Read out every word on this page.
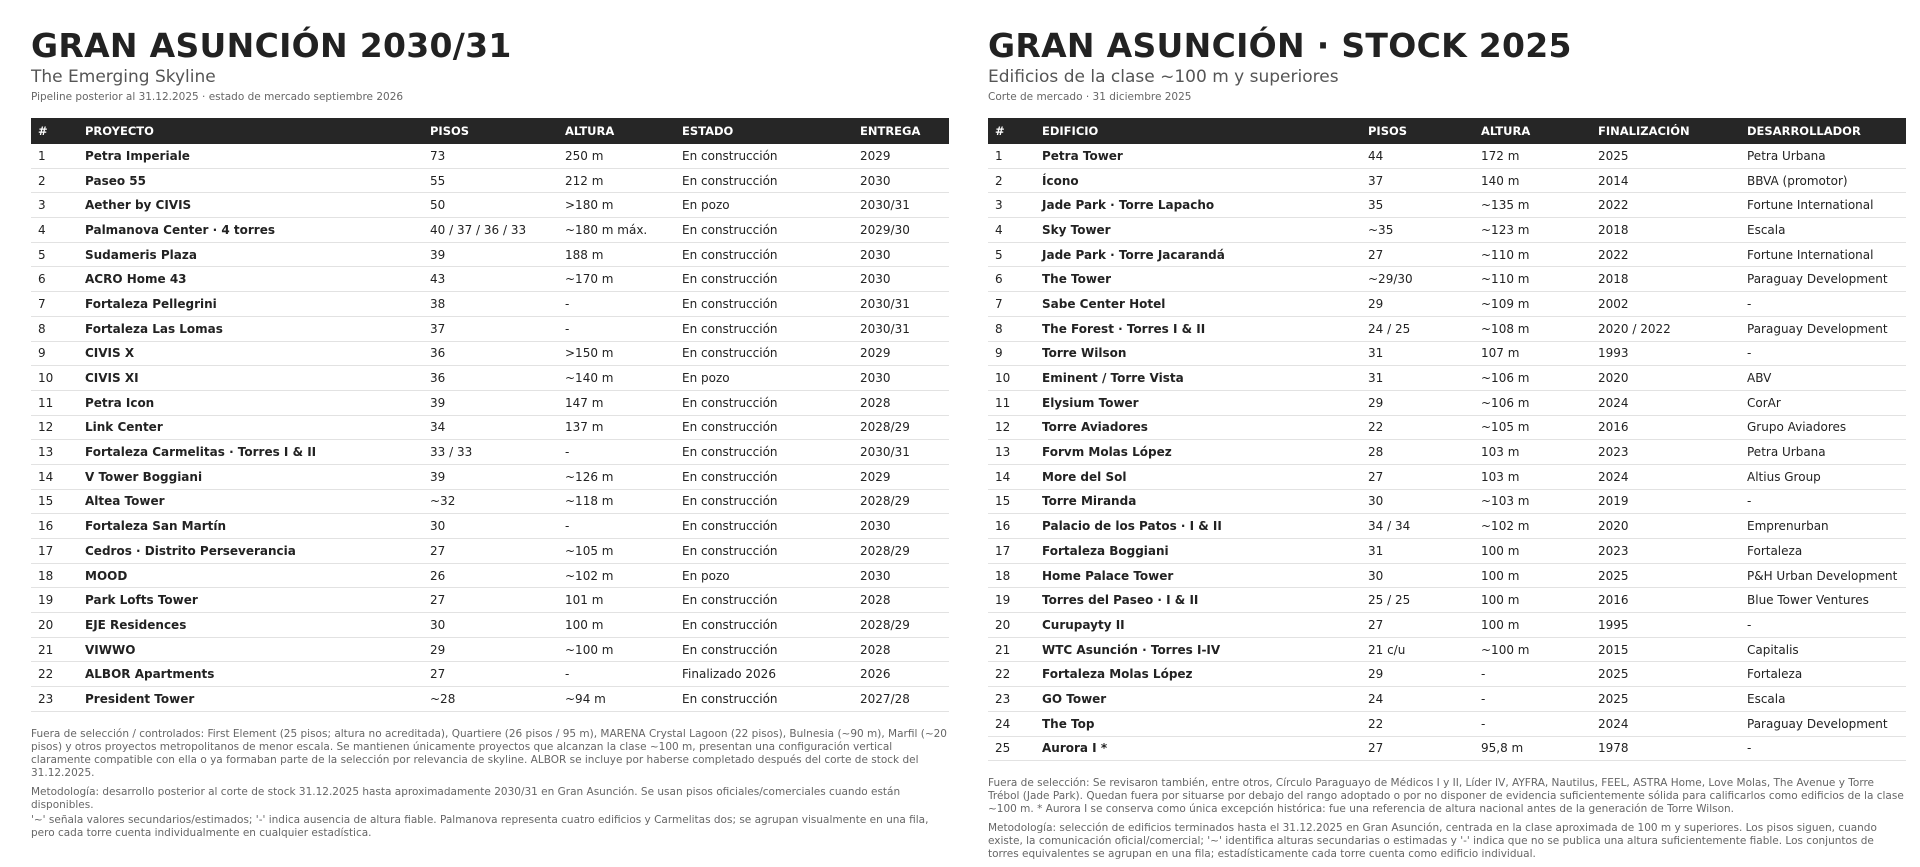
GRAN ASUNCIÓN 2030/31
The Emerging Skyline
Pipeline posterior al 31.12.2025 · estado de mercado septiembre 2026
#	PROYECTO	PISOS	ALTURA	ESTADO	ENTREGA
1	Petra Imperiale	73	250 m	En construcción	2029
2	Paseo 55	55	212 m	En construcción	2030
3	Aether by CIVIS	50	>180 m	En pozo	2030/31
4	Palmanova Center · 4 torres	40 / 37 / 36 / 33	~180 m máx.	En construcción	2029/30
5	Sudameris Plaza	39	188 m	En construcción	2030
6	ACRO Home 43	43	~170 m	En construcción	2030
7	Fortaleza Pellegrini	38	-	En construcción	2030/31
8	Fortaleza Las Lomas	37	-	En construcción	2030/31
9	CIVIS X	36	>150 m	En construcción	2029
10	CIVIS XI	36	~140 m	En pozo	2030
11	Petra Icon	39	147 m	En construcción	2028
12	Link Center	34	137 m	En construcción	2028/29
13	Fortaleza Carmelitas · Torres I & II	33 / 33	-	En construcción	2030/31
14	V Tower Boggiani	39	~126 m	En construcción	2029
15	Altea Tower	~32	~118 m	En construcción	2028/29
16	Fortaleza San Martín	30	-	En construcción	2030
17	Cedros · Distrito Perseverancia	27	~105 m	En construcción	2028/29
18	MOOD	26	~102 m	En pozo	2030
19	Park Lofts Tower	27	101 m	En construcción	2028
20	EJE Residences	30	100 m	En construcción	2028/29
21	VIWWO	29	~100 m	En construcción	2028
22	ALBOR Apartments	27	-	Finalizado 2026	2026
23	President Tower	~28	~94 m	En construcción	2027/28

Fuera de selección / controlados: First Element (25 pisos; altura no acreditada), Quartiere (26 pisos / 95 m), MARENA Crystal Lagoon (22 pisos), Bulnesia (~90 m), Marfil (~20 pisos) y otros proyectos metropolitanos de menor escala. Se mantienen únicamente proyectos que alcanzan la clase ~100 m, presentan una configuración vertical claramente compatible con ella o ya formaban parte de la selección por relevancia de skyline. ALBOR se incluye por haberse completado después del corte de stock del 31.12.2025.

Metodología: desarrollo posterior al corte de stock 31.12.2025 hasta aproximadamente 2030/31 en Gran Asunción. Se usan pisos oficiales/comerciales cuando están disponibles.

'~' señala valores secundarios/estimados; '-' indica ausencia de altura fiable. Palmanova representa cuatro edificios y Carmelitas dos; se agrupan visualmente en una fila, pero cada torre cuenta individualmente en cualquier estadística.

GRAN ASUNCIÓN · STOCK 2025
Edificios de la clase ~100 m y superiores
Corte de mercado · 31 diciembre 2025
#	EDIFICIO	PISOS	ALTURA	FINALIZACIÓN	DESARROLLADOR
1	Petra Tower	44	172 m	2025	Petra Urbana
2	Ícono	37	140 m	2014	BBVA (promotor)
3	Jade Park · Torre Lapacho	35	~135 m	2022	Fortune International
4	Sky Tower	~35	~123 m	2018	Escala
5	Jade Park · Torre Jacarandá	27	~110 m	2022	Fortune International
6	The Tower	~29/30	~110 m	2018	Paraguay Development
7	Sabe Center Hotel	29	~109 m	2002	-
8	The Forest · Torres I & II	24 / 25	~108 m	2020 / 2022	Paraguay Development
9	Torre Wilson	31	107 m	1993	-
10	Eminent / Torre Vista	31	~106 m	2020	ABV
11	Elysium Tower	29	~106 m	2024	CorAr
12	Torre Aviadores	22	~105 m	2016	Grupo Aviadores
13	Forvm Molas López	28	103 m	2023	Petra Urbana
14	More del Sol	27	103 m	2024	Altius Group
15	Torre Miranda	30	~103 m	2019	-
16	Palacio de los Patos · I & II	34 / 34	~102 m	2020	Emprenurban
17	Fortaleza Boggiani	31	100 m	2023	Fortaleza
18	Home Palace Tower	30	100 m	2025	P&H Urban Development
19	Torres del Paseo · I & II	25 / 25	100 m	2016	Blue Tower Ventures
20	Curupayty II	27	100 m	1995	-
21	WTC Asunción · Torres I-IV	21 c/u	~100 m	2015	Capitalis
22	Fortaleza Molas López	29	-	2025	Fortaleza
23	GO Tower	24	-	2025	Escala
24	The Top	22	-	2024	Paraguay Development
25	Aurora I *	27	95,8 m	1978	-

Fuera de selección: Se revisaron también, entre otros, Círculo Paraguayo de Médicos I y II, Líder IV, AYFRA, Nautilus, FEEL, ASTRA Home, Love Molas, The Avenue y Torre Trébol (Jade Park). Quedan fuera por situarse por debajo del rango adoptado o por no disponer de evidencia suficientemente sólida para calificarlos como edificios de la clase ~100 m. * Aurora I se conserva como única excepción histórica: fue una referencia de altura nacional antes de la generación de Torre Wilson.

Metodología: selección de edificios terminados hasta el 31.12.2025 en Gran Asunción, centrada en la clase aproximada de 100 m y superiores. Los pisos siguen, cuando existe, la comunicación oficial/comercial; '~' identifica alturas secundarias o estimadas y '-' indica que no se publica una altura suficientemente fiable. Los conjuntos de torres equivalentes se agrupan en una fila; estadísticamente cada torre cuenta como edificio individual.
